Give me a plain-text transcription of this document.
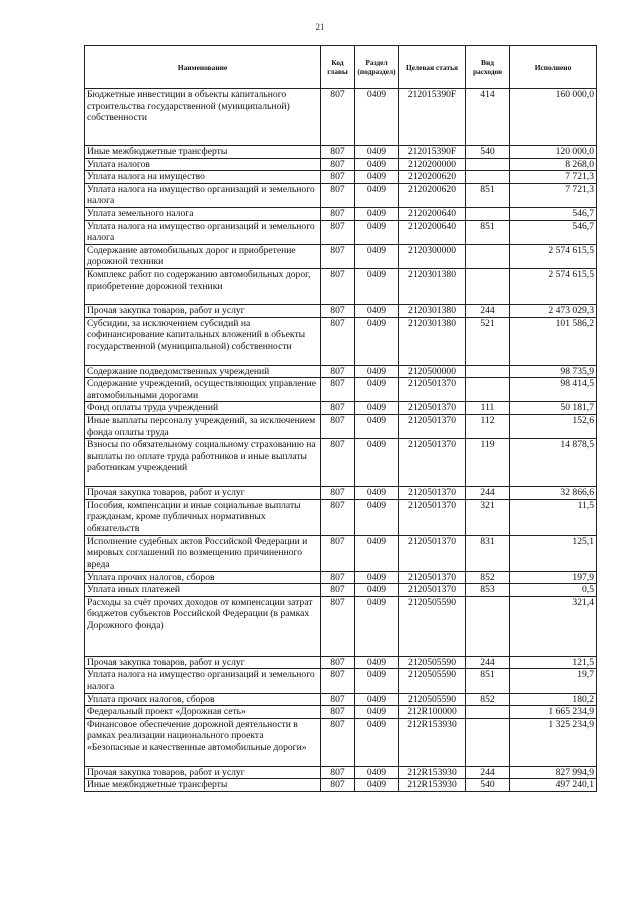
21
Наименование	Код главы	Раздел (подраздел)	Целевая статья	Вид расходов	Исполнено
Бюджетные инвестиции в объекты капитального строительства государственной (муниципальной) собственности	807	0409	212015390F	414	160 000,0
Иные межбюджетные трансферты	807	0409	212015390F	540	120 000,0
Уплата налогов	807	0409	2120200000		8 268,0
Уплата налога на имущество	807	0409	2120200620		7 721,3
Уплата налога на имущество организаций и земельного налога	807	0409	2120200620	851	7 721,3
Уплата земельного налога	807	0409	2120200640		546,7
Уплата налога на имущество организаций и земельного налога	807	0409	2120200640	851	546,7
Содержание автомобильных дорог и приобретение дорожной техники	807	0409	2120300000		2 574 615,5
Комплекс работ по содержанию автомобильных дорог, приобретение дорожной техники	807	0409	2120301380		2 574 615,5
Прочая закупка товаров, работ и услуг	807	0409	2120301380	244	2 473 029,3
Субсидии, за исключением субсидий на софинансирование капитальных вложений в объекты государственной (муниципальной) собственности	807	0409	2120301380	521	101 586,2
Содержание подведомственных учреждений	807	0409	2120500000		98 735,9
Содержание учреждений, осуществляющих управление автомобильными дорогами	807	0409	2120501370		98 414,5
Фонд оплаты труда учреждений	807	0409	2120501370	111	50 181,7
Иные выплаты персоналу учреждений, за исключением фонда оплаты труда	807	0409	2120501370	112	152,6
Взносы по обязательному социальному страхованию на выплаты по оплате труда работников и иные выплаты работникам учреждений	807	0409	2120501370	119	14 878,5
Прочая закупка товаров, работ и услуг	807	0409	2120501370	244	32 866,6
Пособия, компенсации и иные социальные выплаты гражданам, кроме публичных нормативных обязательств	807	0409	2120501370	321	11,5
Исполнение судебных актов Российской Федерации и мировых соглашений по возмещению причиненного вреда	807	0409	2120501370	831	125,1
Уплата прочих налогов, сборов	807	0409	2120501370	852	197,9
Уплата иных платежей	807	0409	2120501370	853	0,5
Расходы за счёт прочих доходов от компенсации затрат бюджетов субъектов Российской Федерации (в рамках Дорожного фонда)	807	0409	2120505590		321,4
Прочая закупка товаров, работ и услуг	807	0409	2120505590	244	121,5
Уплата налога на имущество организаций и земельного налога	807	0409	2120505590	851	19,7
Уплата прочих налогов, сборов	807	0409	2120505590	852	180,2
Федеральный проект «Дорожная сеть»	807	0409	212R100000		1 665 234,9
Финансовое обеспечение дорожной деятельности в рамках реализации национального проекта «Безопасные и качественные автомобильные дороги»	807	0409	212R153930		1 325 234,9
Прочая закупка товаров, работ и услуг	807	0409	212R153930	244	827 994,9
Иные межбюджетные трансферты	807	0409	212R153930	540	497 240,1
